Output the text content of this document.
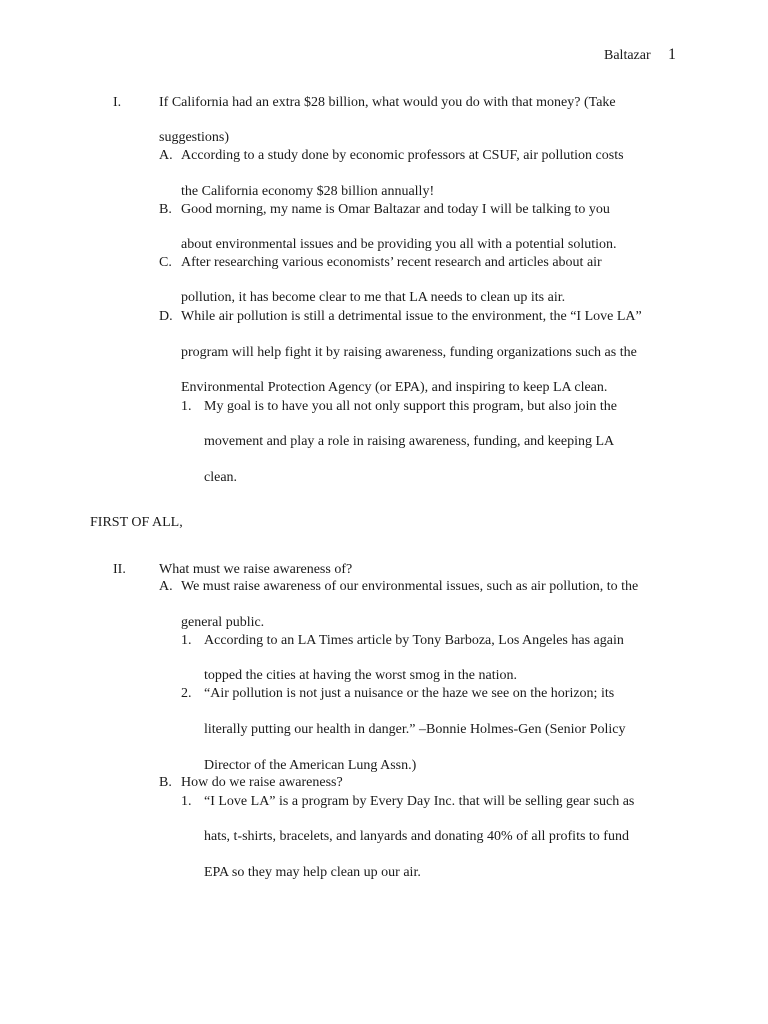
Baltazar 1
I.	If California had an extra $28 billion, what would you do with that money? (Take
suggestions)
A. According to a study done by economic professors at CSUF, air pollution costs
the California economy $28 billion annually!
B. Good morning, my name is Omar Baltazar and today I will be talking to you
about environmental issues and be providing you all with a potential solution.
C. After researching various economists’ recent research and articles about air
pollution, it has become clear to me that LA needs to clean up its air.
D. While air pollution is still a detrimental issue to the environment, the “I Love LA”
program will help fight it by raising awareness, funding organizations such as the
Environmental Protection Agency (or EPA), and inspiring to keep LA clean.
1. My goal is to have you all not only support this program, but also join the
movement and play a role in raising awareness, funding, and keeping LA
clean.
FIRST OF ALL,
II. What must we raise awareness of?
A. We must raise awareness of our environmental issues, such as air pollution, to the
general public.
1. According to an LA Times article by Tony Barboza, Los Angeles has again
topped the cities at having the worst smog in the nation.
2. “Air pollution is not just a nuisance or the haze we see on the horizon; its
literally putting our health in danger.” –Bonnie Holmes-Gen (Senior Policy
Director of the American Lung Assn.)
B. How do we raise awareness?
1. “I Love LA” is a program by Every Day Inc. that will be selling gear such as
hats, t-shirts, bracelets, and lanyards and donating 40% of all profits to fund
EPA so they may help clean up our air.
